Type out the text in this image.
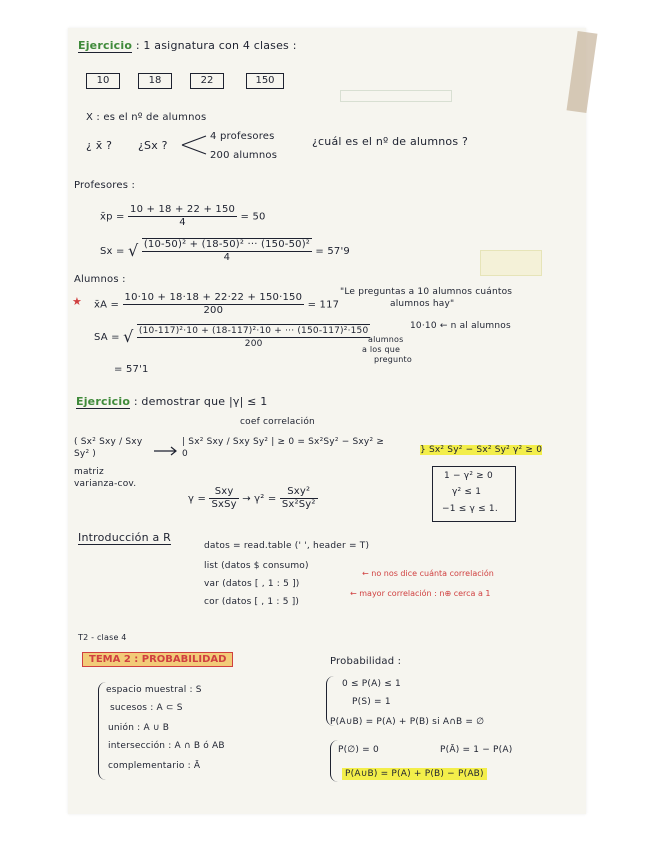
Ejercicio : 1 asignatura con 4 clases :
10	18	22	150
X : es el nº de alumnos
¿ x̄ ? ¿Sx ?
4 profesores
200 alumnos
¿cuál es el nº de alumnos ?
Profesores :
x̄p = $\frac{10 + 18 + 22 + 150}{4} = 50$
Sx = √ $\frac{\text{(10-50)² + (18-50)² ··· (150-50)²}}{4} = 57'9$
Alumnos :
★ x̄A = $\frac{10\cdot 10 + 18\cdot 18 + 22\cdot 22 + 150\cdot 150}{200} = 117$
"Le preguntas a 10 alumnos cuántos
alumnos hay"
10·10 ← n al alumnos
alumnos
a los que
pregunto
SA = √ $\frac{\text{(10-117)²·10 + (18-117)²·10 + ··· (150-117)²·150}}{200}$
= 57'1
Ejercicio : demostrar que |γ| ≤ 1
coef correlación
( Sx² Sxy / Sxy Sy² )
| Sx² Sxy / Sxy Sy² | ≥ 0 = Sx²Sy² − Sxy² ≥ 0	} Sx² Sy² − Sx² Sy² γ² ≥ 0
matriz
varianza-cov.
$\gamma = \frac{\text{Sxy}}{\text{SxSy}} \to \gamma^2 = \frac{\text{Sxy²}}{\text{Sx²Sy²}}$
1 − γ² ≥ 0
γ² ≤ 1
−1 ≤ γ ≤ 1.
Introducción a R
datos = read.table (' ', header = T)
list (datos $ consumo)
var (datos [ , 1 : 5 ])
← no nos dice cuánta correlación
cor (datos [ , 1 : 5 ])
← mayor correlación : n⊕ cerca a 1
T2 - clase 4
TEMA 2 : PROBABILIDAD
espacio muestral : S
sucesos : A ⊂ S
unión : A ∪ B
intersección : A ∩ B ó AB
complementario : Ā
Probabilidad :
0 ≤ P(A) ≤ 1
P(S) = 1
P(A∪B) = P(A) + P(B) si A∩B = ∅
P(∅) = 0	P(Ā) = 1 − P(A)
P(A∪B) = P(A) + P(B) − P(AB)
